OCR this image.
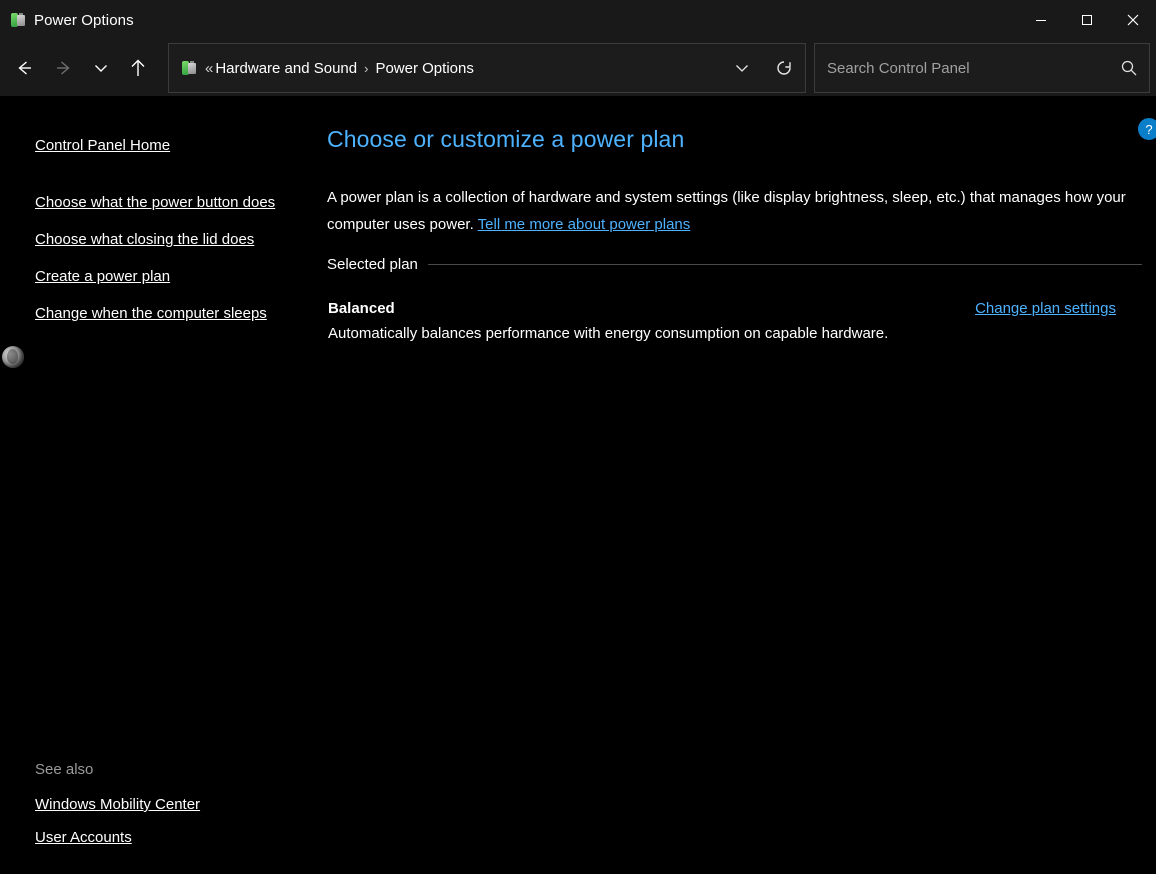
Power Options
« Hardware and Sound › Power Options
Search Control Panel
Control Panel Home
Choose what the power button does
Choose what closing the lid does
Create a power plan
Change when the computer sleeps
See also
Windows Mobility Center
User Accounts
?
Choose or customize a power plan
A power plan is a collection of hardware and system settings (like display brightness, sleep, etc.) that manages how your computer uses power. Tell me more about power plans
Selected plan
Balanced
Automatically balances performance with energy consumption on capable hardware.
Change plan settings
